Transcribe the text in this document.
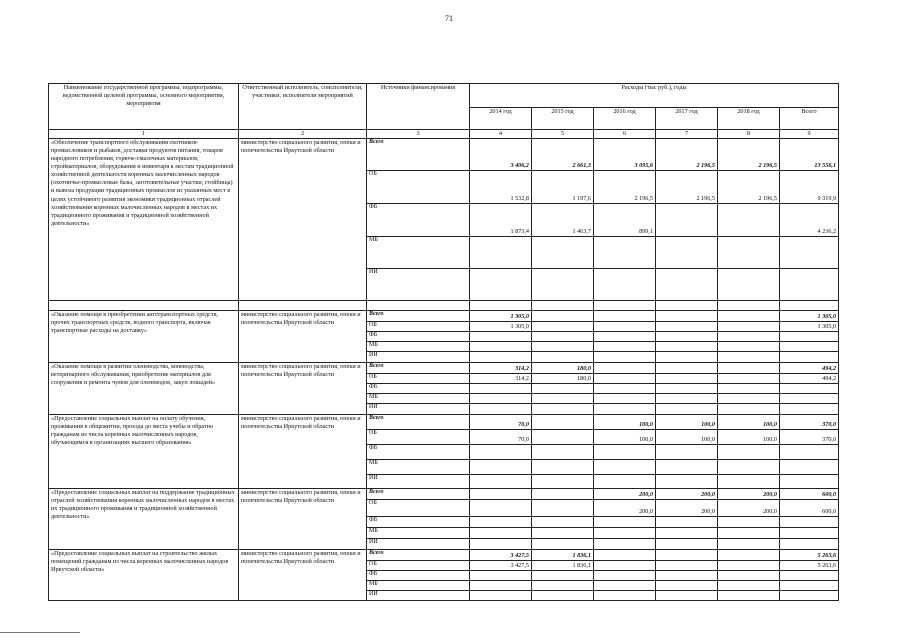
71
Наименование государственной программы, подпрограммы, ведомственной целевой программы, основного мероприятия, мероприятия	Ответственный исполнитель, соисполнители, участники, исполнители мероприятий	Источники финансирования	Расходы (тыс руб.), годы					
			2014 год	2015 год	2016 год	2017 год	2018 год	Всего
1	2	3	4	5	6	7	8	9
«Обеспечение транспортного обслуживания охотников-промысловиков и рыбаков, доставки продуктов питания, товаров народного потребления, горюче-смазочных материалов, стройматериалов, оборудования и инвентаря к местам традиционной хозяйственной деятельности коренных малочисленных народов (охотничье-промысловые базы, заготовительные участки, стойбища) и вывоза продукции традиционных промыслов из указанных мест в целях устойчивого развития экономики традиционных отраслей хозяйствования коренных малочисленных народов в местах их традиционного проживания и традиционной хозяйственной деятельности»	министерство социального развития, опеки и попечительства Иркутской области	Всего	3 406,2	2 661,3	3 095,6	2 196,5	2 196,5	13 556,1
		ОБ	1 532,8	1 197,6	2 196,5	2 196,5	2 196,5	9 319,9
		ФБ	1 873,4	1 463,7	899,1			4 236,2
		МБ						
		ИИ						

«Оказание помощи в приобретении автотранспортных средств, прочих транспортных средств, водного транспорта, включая транспортные расходы на доставку»	министерство социального развития, опеки и попечительства Иркутской области	Всего	1 305,0					1 305,0
		ОБ	1 305,0					1 305,0
		ФБ						
		МБ						
		ИИ						
«Оказание помощи в развитии оленеводства, коневодства, ветеринарного обслуживания, приобретение материалов для сооружения и ремонта чумов для оленеводов, закуп лошадей»	министерство социального развития, опеки и попечительства Иркутской области	Всего	314,2	180,0				494,2
		ОБ	314,2	180,0				494,2
		ФБ						
		МБ						
		ИИ						
«Предоставление социальных выплат на оплату обучения, проживания в общежитии, проезда до места учебы и обратно гражданам из числа коренных малочисленных народов, обучающимся в организациях высшего образования»	министерство социального развития, опеки и попечительства Иркутской области	Всего	70,0		100,0	100,0	100,0	370,0
		ОБ	70,0		100,0	100,0	100,0	370,0
		ФБ						
		МБ						
		ИИ						
«Предоставление социальных выплат на поддержание традиционных отраслей хозяйствования коренных малочисленных народов в местах их традиционного проживания и традиционной хозяйственной деятельности»	министерство социального развития, опеки и попечительства Иркутской области	Всего			200,0	200,0	200,0	600,0
		ОБ			200,0	200,0	200,0	600,0
		ФБ						
		МБ						
		ИИ						
«Предоставление социальных выплат на строительство жилых помещений гражданам из числа коренных малочисленных народов Иркутской области»	министерство социального развития, опеки и попечительства Иркутской области	Всего	3 427,5	1 836,1				5 263,6
		ОБ	3 427,5	1 836,1				5 263,6
		ФБ						
		МБ						
		ИИ						
